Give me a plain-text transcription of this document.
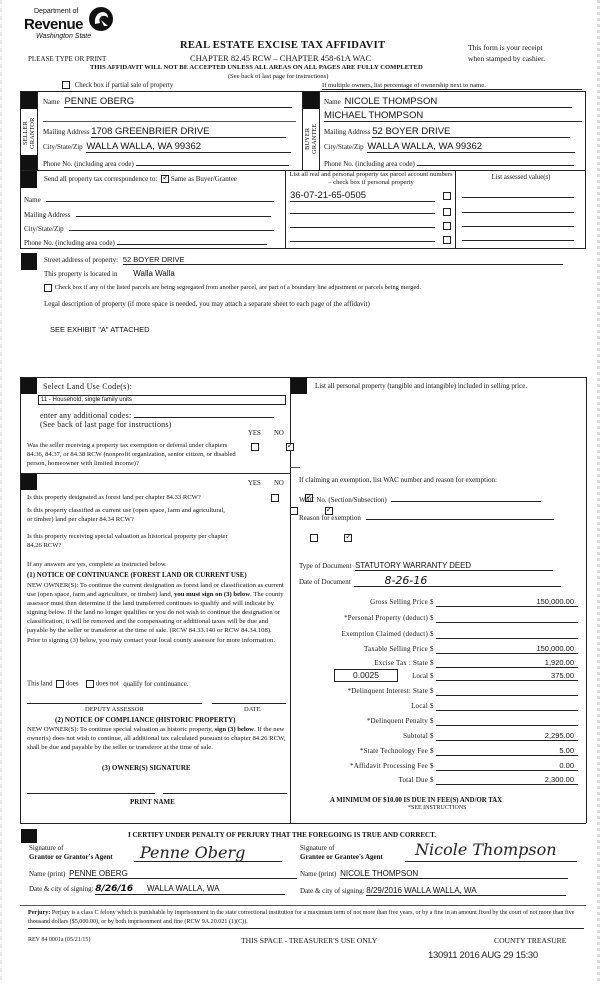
Department of
Revenue
Washington State
PLEASE TYPE OR PRINT
REAL ESTATE EXCISE TAX AFFIDAVIT
CHAPTER 82.45 RCW – CHAPTER 458-61A WAC
This form is your receipt
when stamped by cashier.
THIS AFFIDAVIT WILL NOT BE ACCEPTED UNLESS ALL AREAS ON ALL PAGES ARE FULLY COMPLETED
(See back of last page for instructions)
Check box if partial sale of property	If multiple owners, list percentage of ownership next to name.
SELLER
GRANTOR
Name PENNE OBERG
Mailing Address 1708 GREENBRIER DRIVE
City/State/Zip WALLA WALLA, WA 99362
Phone No. (including area code)
BUYER
GRANTEE
Name NICOLE THOMPSON
MICHAEL THOMPSON
Mailing Address 52 BOYER DRIVE
City/State/Zip WALLA WALLA, WA 99362
Phone No. (including area code)
Send all property tax correspondence to: ✓ Same as Buyer/Grantee
Name
Mailing Address
City/State/Zip
Phone No. (including area code)
List all real and personal property tax parcel account numbers – check box if personal property
List assessed value(s)
36-07-21-65-0505

Street address of property: 52 BOYER DRIVE
This property is located in Walla Walla
Check box if any of the listed parcels are being segregated from another parcel, are part of a boundary line adjustment or parcels being merged.
Legal description of property (if more space is needed, you may attach a separate sheet to each page of the affidavit)
SEE EXHIBIT "A" ATTACHED
Select Land Use Code(s):
11 - Household, single family units
enter any additional codes:
(See back of last page for instructions)
YES NO
Was the seller receiving a property tax exemption or deferral under chapters 84.36, 84.37, or 84.38 RCW (nonprofit organization, senior citizen, or disabled person, homeowner with limited income)?
✓
YES NO
Is this property designated as forest land per chapter 84.33 RCW?
✓
Is this property classified as current use (open space, farm and agricultural, or timber) land per chapter 84.34 RCW?
✓
Is this property receiving special valuation as historical property per chapter 84.26 RCW?
✓
If any answers are yes, complete as instructed below.
(1) NOTICE OF CONTINUANCE (FOREST LAND OR CURRENT USE)
NEW OWNER(S): To continue the current designation as forest land or classification as current use (open space, farm and agriculture, or timber) land, you must sign on (3) below. The county assessor must then determine if the land transferred continues to qualify and will indicate by signing below. If the land no longer qualifies or you do not wish to continue the designation or classification, it will be removed and the compensating or additional taxes will be due and payable by the seller or transferor at the time of sale. (RCW 84.33.140 or RCW 84.34.108). Prior to signing (3) below, you may contact your local county assessor for more information.
This land does	does not qualify for continuance.
DEPUTY ASSESSOR	DATE
(2) NOTICE OF COMPLIANCE (HISTORIC PROPERTY)
NEW OWNER(S): To continue special valuation as historic property, sign (3) below. If the new owner(s) does not wish to continue, all additional tax calculated pursuant to chapter 84.26 RCW, shall be due and payable by the seller or transferor at the time of sale.
(3) OWNER(S) SIGNATURE
PRINT NAME
List all personal property (tangible and intangible) included in selling price.
If claiming an exemption, list WAC number and reason for exemption:
WAC No. (Section/Subsection)
Reason for exemption
Type of Document STATUTORY WARRANTY DEED
Date of Document	8-26-16
Gross Selling Price $	150,000.00
*Personal Property (deduct) $
Exemption Claimed (deduct) $
Taxable Selling Price $	150,000.00
Excise Tax : State $	1,920.00
0.0025	Local $	375.00
*Delinquent Interest: State $
Local $
*Delinquent Penalty $
Subtotal $	2,295.00
*State Technology Fee $	5.00
*Affidavit Processing Fee $	0.00
Total Due $	2,300.00
A MINIMUM OF $10.00 IS DUE IN FEE(S) AND/OR TAX
*SEE INSTRUCTIONS
I CERTIFY UNDER PENALTY OF PERJURY THAT THE FOREGOING IS TRUE AND CORRECT.
Signature of
Grantor or Grantor's Agent Penne Oberg
Name (print) PENNE OBERG
Date & city of signing: 8/26/16 WALLA WALLA, WA
Signature of
Grantee or Grantee's Agent Nicole Thompson
Name (print) NICOLE THOMPSON
Date & city of signing: 8/29/2016 WALLA WALLA, WA
Perjury: Perjury is a class C felony which is punishable by imprisonment in the state correctional institution for a maximum term of not more than five years, or by a fine in an amount fixed by the court of not more than five thousand dollars ($5,000.00), or by both imprisonment and fine (RCW 9A.20.021 (1)(C)).
REV 84 0001a (05/21/15)	THIS SPACE - TREASURER'S USE ONLY	COUNTY TREASURE
130911 2016 AUG 29 15:30
